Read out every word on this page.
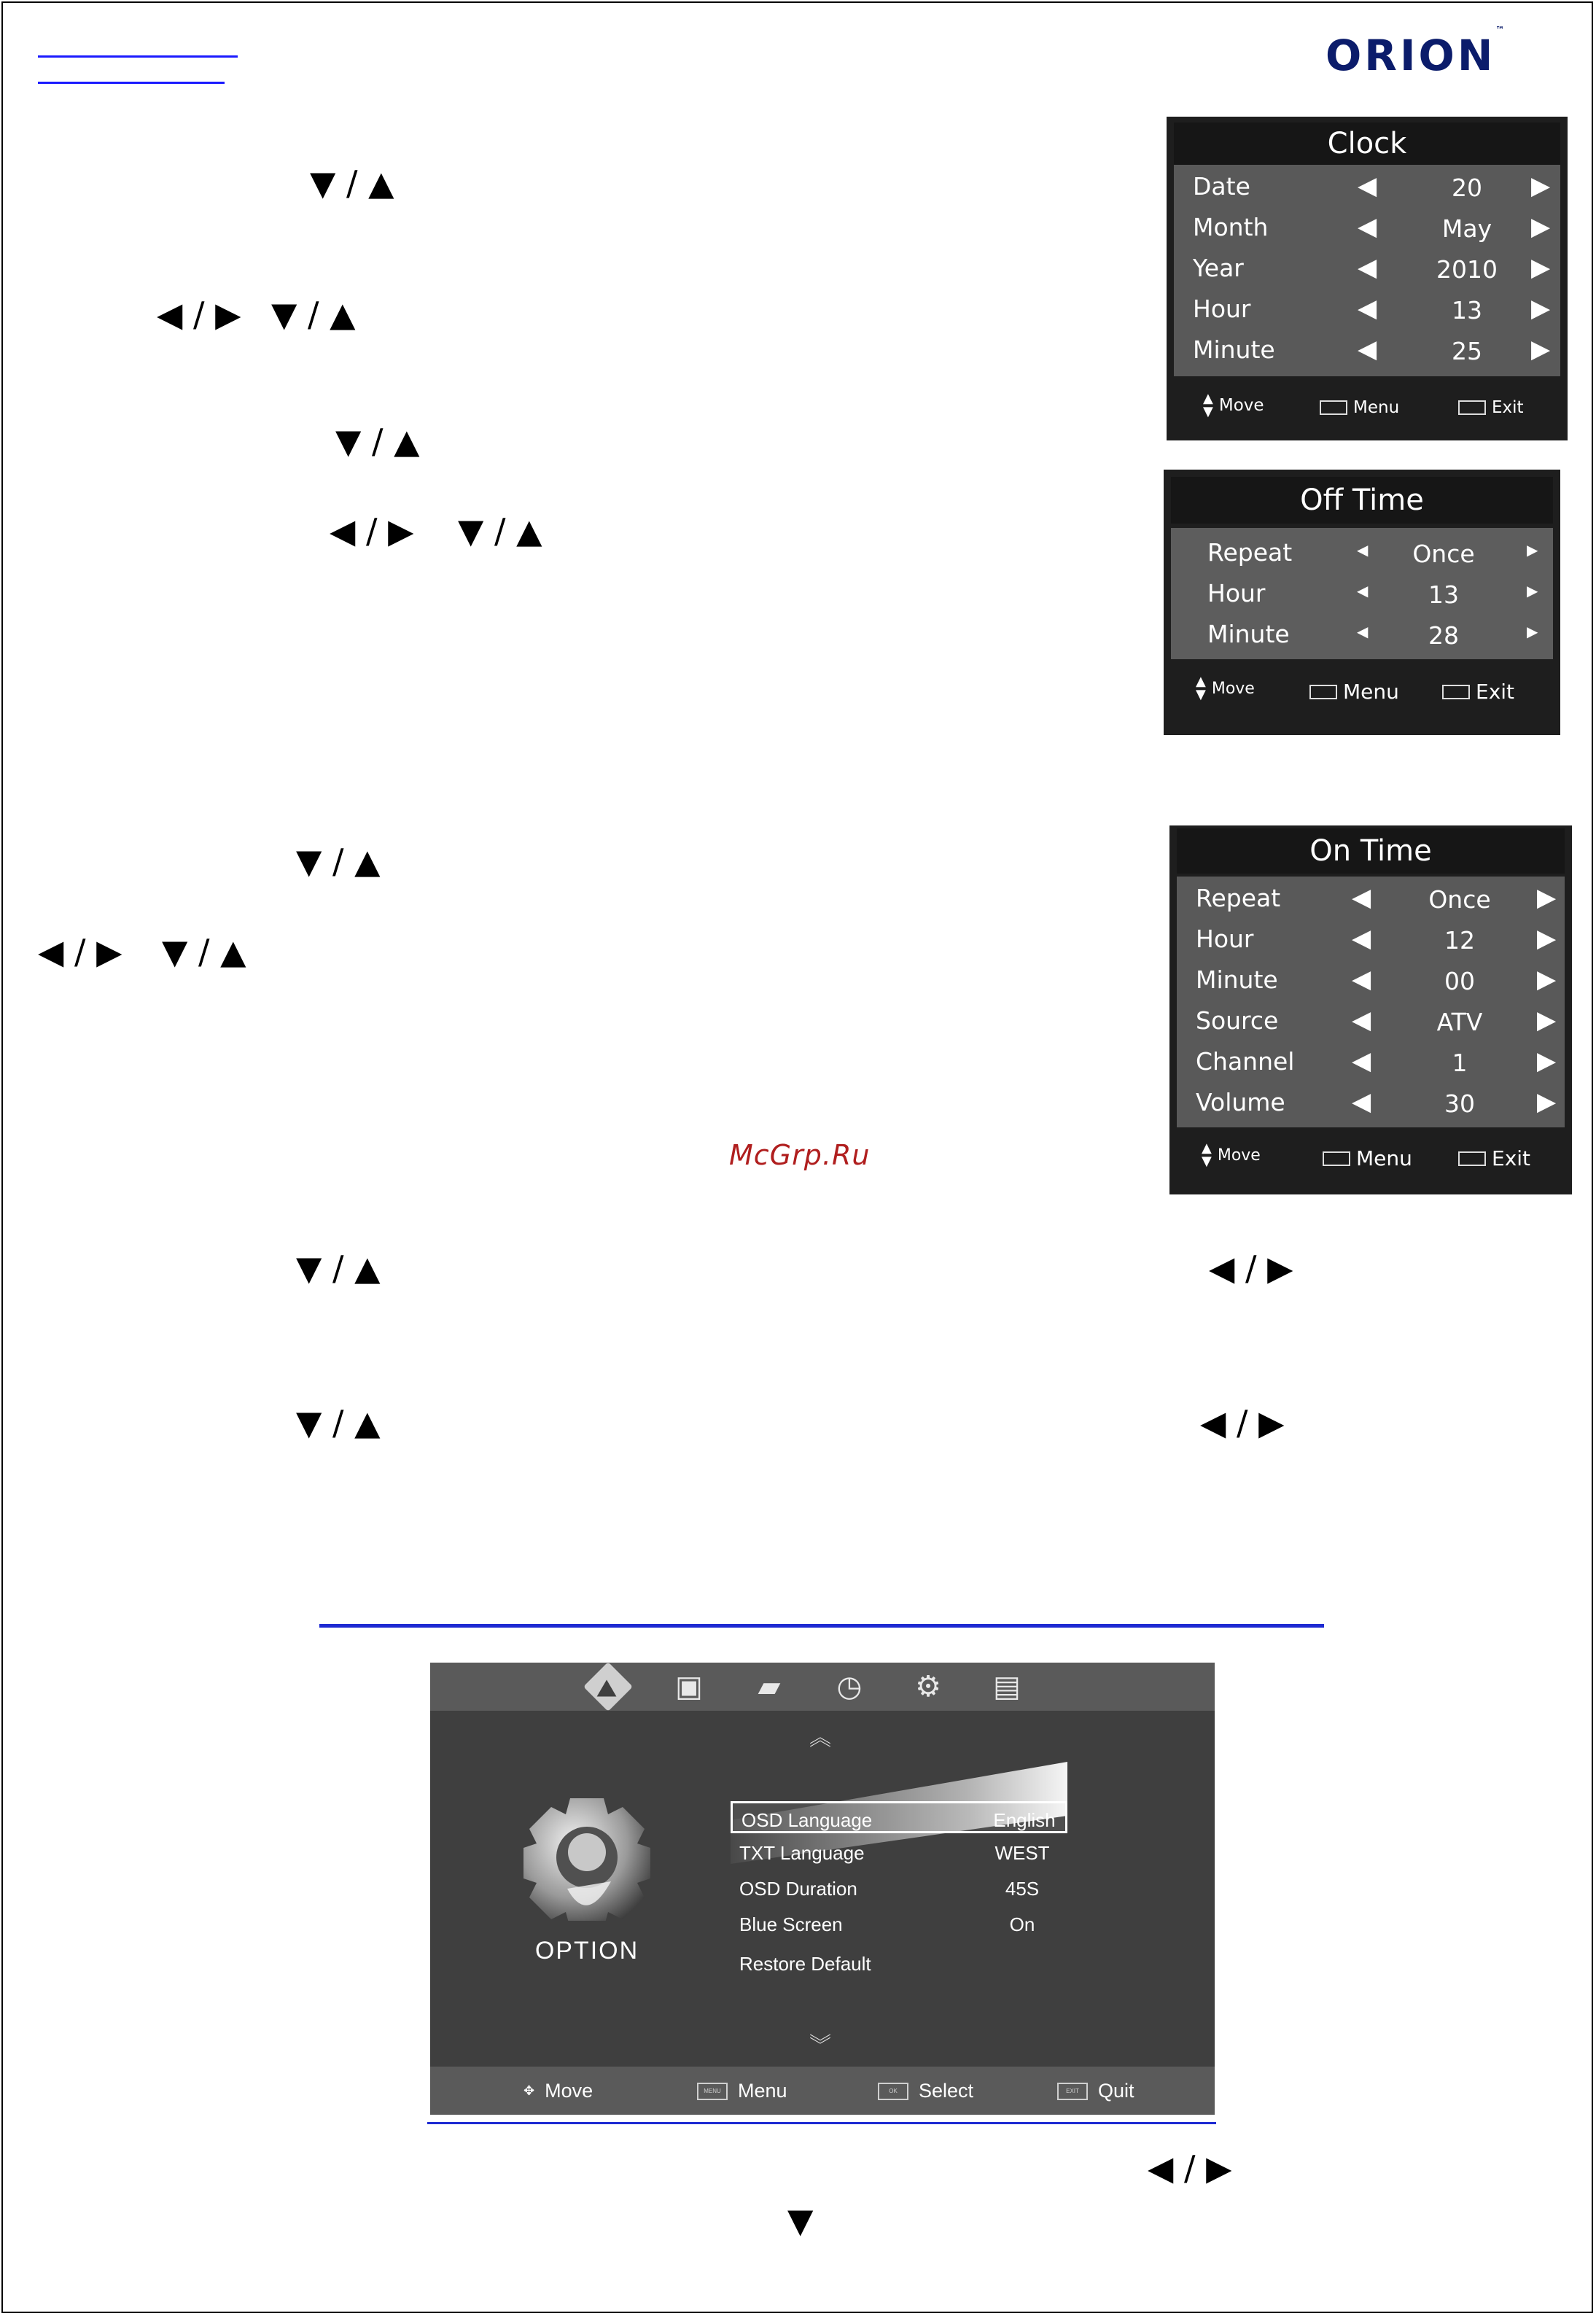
ORION™
▼ / ▲
◀ / ▶ ▼ / ▲
▼ / ▲
◀ / ▶ ▼ / ▲
▼ / ▲
◀ / ▶ ▼ / ▲
▼ / ▲	◀ / ▶
▼ / ▲	◀ / ▶
◀ / ▶
▼
McGrp.Ru
Clock
Date	◀	20	▶
Month	◀	May	▶
Year	◀	2010	▶
Hour	◀	13	▶
Minute	◀	25	▶
▲
▼ Move	Menu	Exit
Off Time
Repeat	◀	Once	▶
Hour	◀	13	▶
Minute	◀	28	▶
▲
▼ Move	Menu	Exit
On Time
Repeat	◀	Once	▶
Hour	◀	12	▶
Minute	◀	00	▶
Source	◀	ATV	▶
Channel ◀	1	▶
Volume	◀	30	▶
▲
▼ Move	Menu	Exit
⛰	▣ ▰ ◷ ⚙ ▤
︽
OPTION
OSD Language	English
TXT Language	WEST
OSD Duration	45S
Blue Screen	On
Restore Default
︾
✥ Move	MENU Menu	OK	Select	EXIT Quit
